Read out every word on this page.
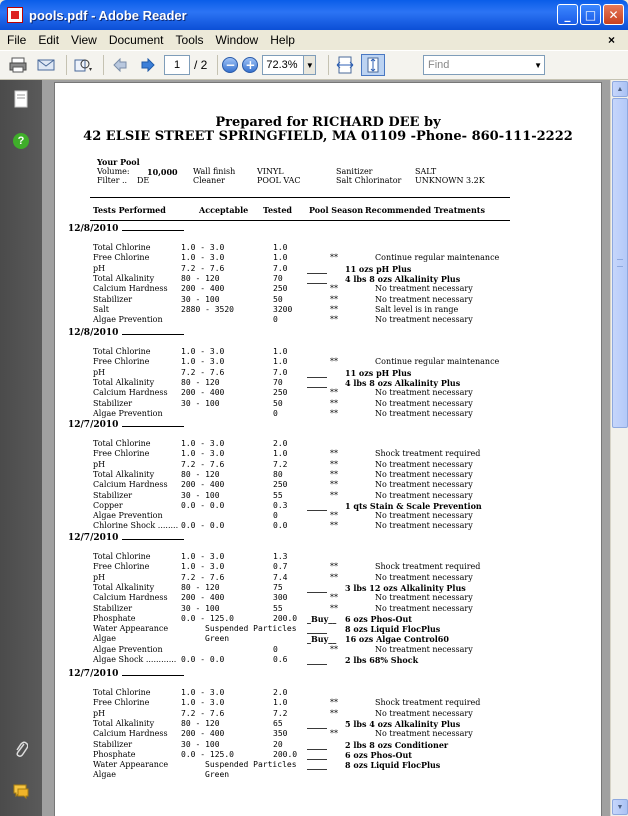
pools.pdf - Adobe Reader	_	□	✕
File	Edit	View	Document	Tools	Window	Help	×
▾	1	/ 2 − + 72.3%	▼	Find	▼
?
Prepared for RICHARD DEE by
42 ELSIE STREET SPRINGFIELD, MA 01109 -Phone- 860-111-2222
Your Pool
Volume: 10,000
Filter .. DE
Wall finish	VINYL
Cleaner	POOL VAC
Sanitizer	SALT
Salt Chlorinator UNKNOWN 3.2K
Tests Performed	Acceptable Tested Pool Season Recommended Treatments
12/8/2010
Total Chlorine	1.0 - 3.0	1.0
Free Chlorine	1.0 - 3.0	1.0	**	Continue regular maintenance
pH	7.2 - 7.6	7.0 _____ 11 ozs pH Plus
Total Alkalinity	80 - 120	70	_____ 4 lbs 8 ozs Alkalinity Plus
Calcium Hardness 200 - 400	250	**	No treatment necessary
Stabilizer	30 - 100	50	**	No treatment necessary
Salt	2880 - 3520	3200	**	Salt level is in range
Algae Prevention	0	**	No treatment necessary
12/8/2010
Total Chlorine	1.0 - 3.0	1.0
Free Chlorine	1.0 - 3.0	1.0	**	Continue regular maintenance
pH	7.2 - 7.6	7.0 _____ 11 ozs pH Plus
Total Alkalinity	80 - 120	70	_____ 4 lbs 8 ozs Alkalinity Plus
Calcium Hardness 200 - 400	250	**	No treatment necessary
Stabilizer	30 - 100	50	**	No treatment necessary
Algae Prevention	0	**	No treatment necessary
12/7/2010
Total Chlorine	1.0 - 3.0	2.0
Free Chlorine	1.0 - 3.0	1.0	**	Shock treatment required
pH	7.2 - 7.6	7.2	**	No treatment necessary
Total Alkalinity	80 - 120	80	**	No treatment necessary
Calcium Hardness 200 - 400	250	**	No treatment necessary
Stabilizer	30 - 100	55	**	No treatment necessary
Copper	0.0 - 0.0	0.3 _____ 1 qts Stain & Scale Prevention
Algae Prevention	0	**	No treatment necessary
Chlorine Shock ........ 0.0 - 0.0	0.0	**	No treatment necessary
12/7/2010
Total Chlorine	1.0 - 3.0	1.3
Free Chlorine	1.0 - 3.0	0.7	**	Shock treatment required
pH	7.2 - 7.6	7.4	**	No treatment necessary
Total Alkalinity	80 - 120	75	_____ 3 lbs 12 ozs Alkalinity Plus
Calcium Hardness 200 - 400	300	**	No treatment necessary
Stabilizer	30 - 100	55	**	No treatment necessary
Phosphate	0.0 - 125.0	200.0 _Buy__ 6 ozs Phos-Out
Water Appearance	Suspended Particles _____ 8 ozs Liquid FlocPlus
Algae	Green	_Buy__ 16 ozs Algae Control60
Algae Prevention	0	**	No treatment necessary
Algae Shock ............ 0.0 - 0.0	0.6 _____ 2 lbs 68% Shock
12/7/2010
Total Chlorine	1.0 - 3.0	2.0
Free Chlorine	1.0 - 3.0	1.0	**	Shock treatment required
pH	7.2 - 7.6	7.2	**	No treatment necessary
Total Alkalinity	80 - 120	65	_____ 5 lbs 4 ozs Alkalinity Plus
Calcium Hardness 200 - 400	350	**	No treatment necessary
Stabilizer	30 - 100	20	_____ 2 lbs 8 ozs Conditioner
Phosphate	0.0 - 125.0	200.0 _____ 6 ozs Phos-Out
Water Appearance	Suspended Particles _____ 8 ozs Liquid FlocPlus
Algae	Green
▲
▼
